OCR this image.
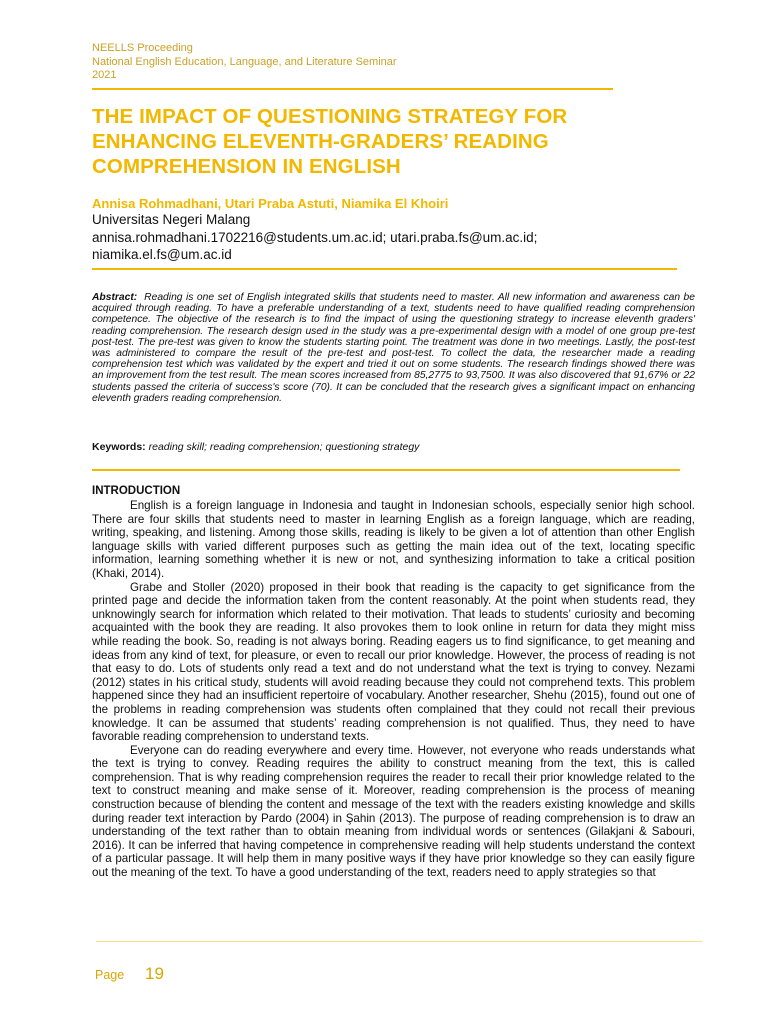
NEELLS Proceeding
National English Education, Language, and Literature Seminar
2021
THE IMPACT OF QUESTIONING STRATEGY FOR
ENHANCING ELEVENTH-GRADERS’ READING
COMPREHENSION IN ENGLISH
Annisa Rohmadhani, Utari Praba Astuti, Niamika El Khoiri
Universitas Negeri Malang
annisa.rohmadhani.1702216@students.um.ac.id; utari.praba.fs@um.ac.id;
niamika.el.fs@um.ac.id
Abstract: Reading is one set of English integrated skills that students need to master. All new information and awareness can be acquired through reading. To have a preferable understanding of a text, students need to have qualified reading comprehension competence. The objective of the research is to find the impact of using the questioning strategy to increase eleventh graders' reading comprehension. The research design used in the study was a pre-experimental design with a model of one group pre-test post-test. The pre-test was given to know the students starting point. The treatment was done in two meetings. Lastly, the post-test was administered to compare the result of the pre-test and post-test. To collect the data, the researcher made a reading comprehension test which was validated by the expert and tried it out on some students. The research findings showed there was an improvement from the test result. The mean scores increased from 85,2775 to 93,7500. It was also discovered that 91,67% or 22 students passed the criteria of success's score (70). It can be concluded that the research gives a significant impact on enhancing eleventh graders reading comprehension.
Keywords: reading skill; reading comprehension; questioning strategy
INTRODUCTION

English is a foreign language in Indonesia and taught in Indonesian schools, especially senior high school. There are four skills that students need to master in learning English as a foreign language, which are reading, writing, speaking, and listening. Among those skills, reading is likely to be given a lot of attention than other English language skills with varied different purposes such as getting the main idea out of the text, locating specific information, learning something whether it is new or not, and synthesizing information to take a critical position (Khaki, 2014).

Grabe and Stoller (2020) proposed in their book that reading is the capacity to get significance from the printed page and decide the information taken from the content reasonably. At the point when students read, they unknowingly search for information which related to their motivation. That leads to students’ curiosity and becoming acquainted with the book they are reading. It also provokes them to look online in return for data they might miss while reading the book. So, reading is not always boring. Reading eagers us to find significance, to get meaning and ideas from any kind of text, for pleasure, or even to recall our prior knowledge. However, the process of reading is not that easy to do. Lots of students only read a text and do not understand what the text is trying to convey. Nezami (2012) states in his critical study, students will avoid reading because they could not comprehend texts. This problem happened since they had an insufficient repertoire of vocabulary. Another researcher, Shehu (2015), found out one of the problems in reading comprehension was students often complained that they could not recall their previous knowledge. It can be assumed that students’ reading comprehension is not qualified. Thus, they need to have favorable reading comprehension to understand texts.

Everyone can do reading everywhere and every time. However, not everyone who reads understands what the text is trying to convey. Reading requires the ability to construct meaning from the text, this is called comprehension. That is why reading comprehension requires the reader to recall their prior knowledge related to the text to construct meaning and make sense of it. Moreover, reading comprehension is the process of meaning construction because of blending the content and message of the text with the readers existing knowledge and skills during reader text interaction by Pardo (2004) in Şahin (2013). The purpose of reading comprehension is to draw an understanding of the text rather than to obtain meaning from individual words or sentences (Gilakjani & Sabouri, 2016). It can be inferred that having competence in comprehensive reading will help students understand the context of a particular passage. It will help them in many positive ways if they have prior knowledge so they can easily figure out the meaning of the text. To have a good understanding of the text, readers need to apply strategies so that

Page 19
